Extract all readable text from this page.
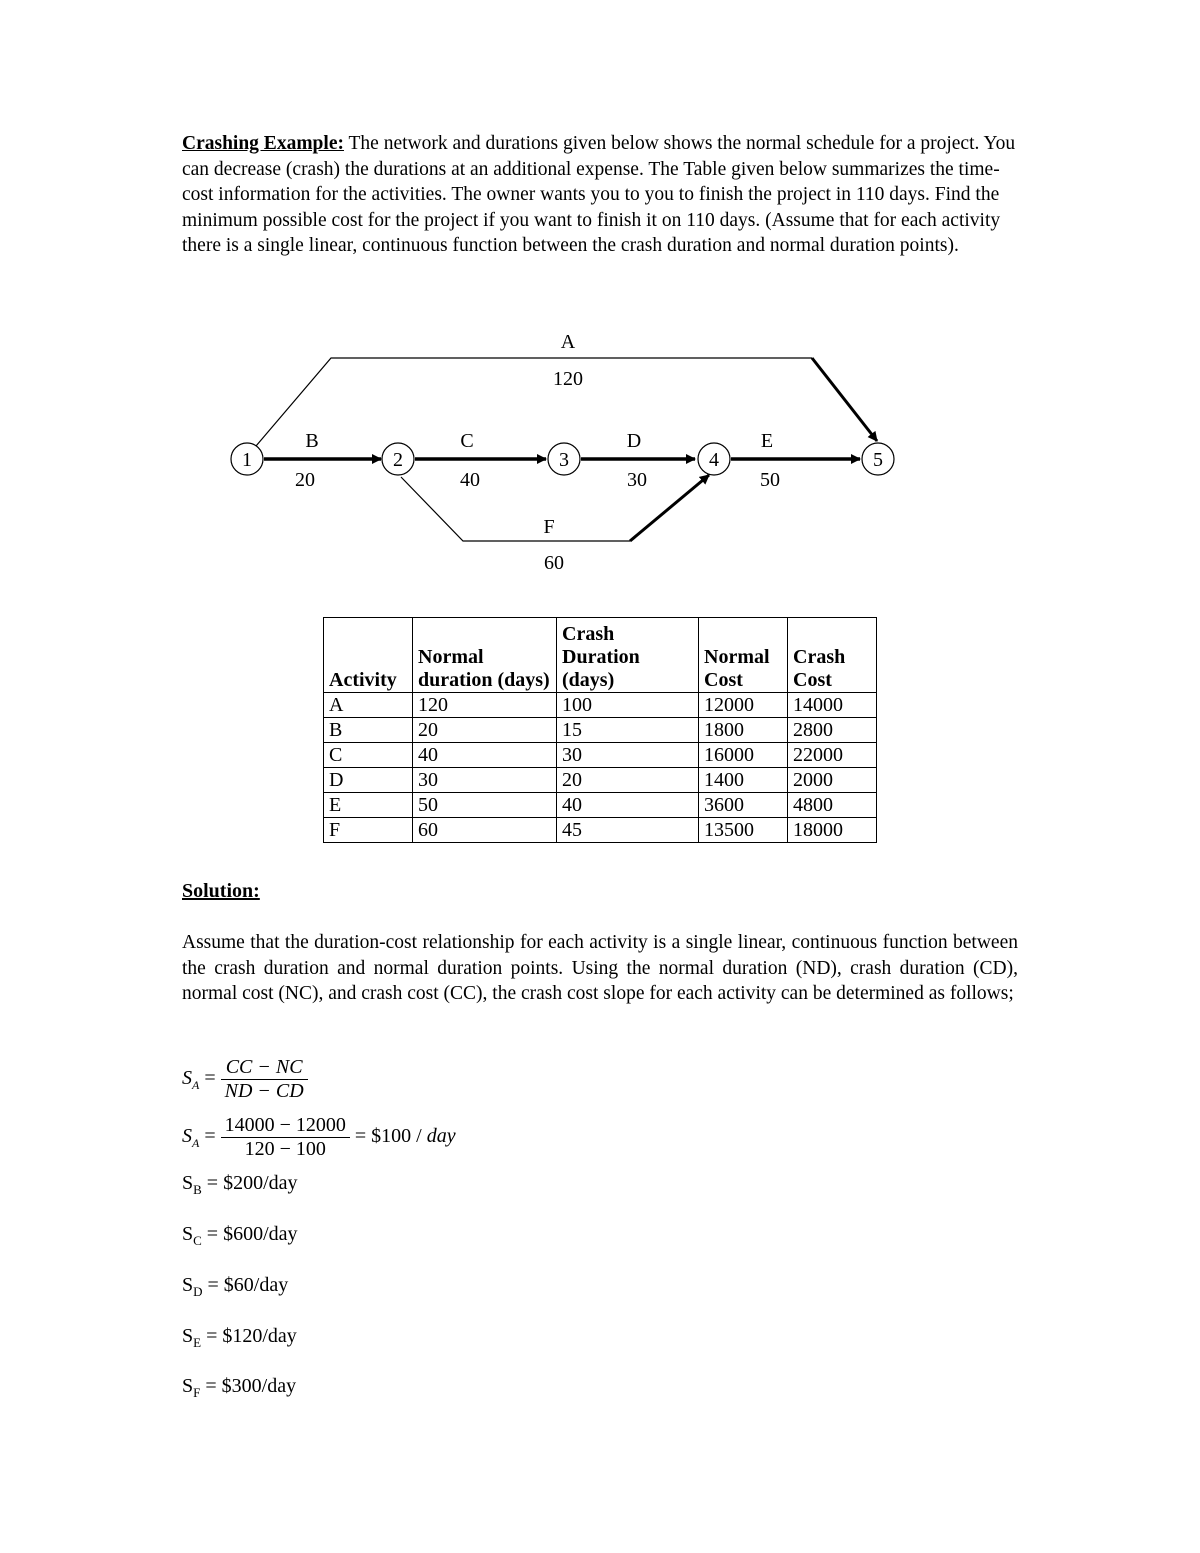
Crashing Example: The network and durations given below shows the normal schedule for a project. You can decrease (crash) the durations at an additional expense. The Table given below summarizes the time-cost information for the activities. The owner wants you to you to finish the project in 110 days. Find the minimum possible cost for the project if you want to finish it on 110 days. (Assume that for each activity there is a single linear, continuous function between the crash duration and normal duration points).

1	2	3	4	5
A
120
B
20
C
40
D
30
E
50
F
60
Activity	Normal duration (days)	Crash Duration (days)	Normal Cost	Crash Cost
A	120	100	12000	14000
B	20	15	1800	2800
C	40	30	16000	22000
D	30	20	1400	2000
E	50	40	3600	4800
F	60	45	13500	18000
Solution:

Assume that the duration-cost relationship for each activity is a single linear, continuous function between the crash duration and normal duration points. Using the normal duration (ND), crash duration (CD), normal cost (NC), and crash cost (CC), the crash cost slope for each activity can be determined as follows;

$S_A = \frac{CC - NC}{ND - CD}$
$S_A = \frac{14000 - 12000}{120 - 100}$ = $100 / day
$S_B$ = $200/day
$S_C$ = $600/day
$S_D$ = $60/day
$S_E$ = $120/day
$S_F$ = $300/day
